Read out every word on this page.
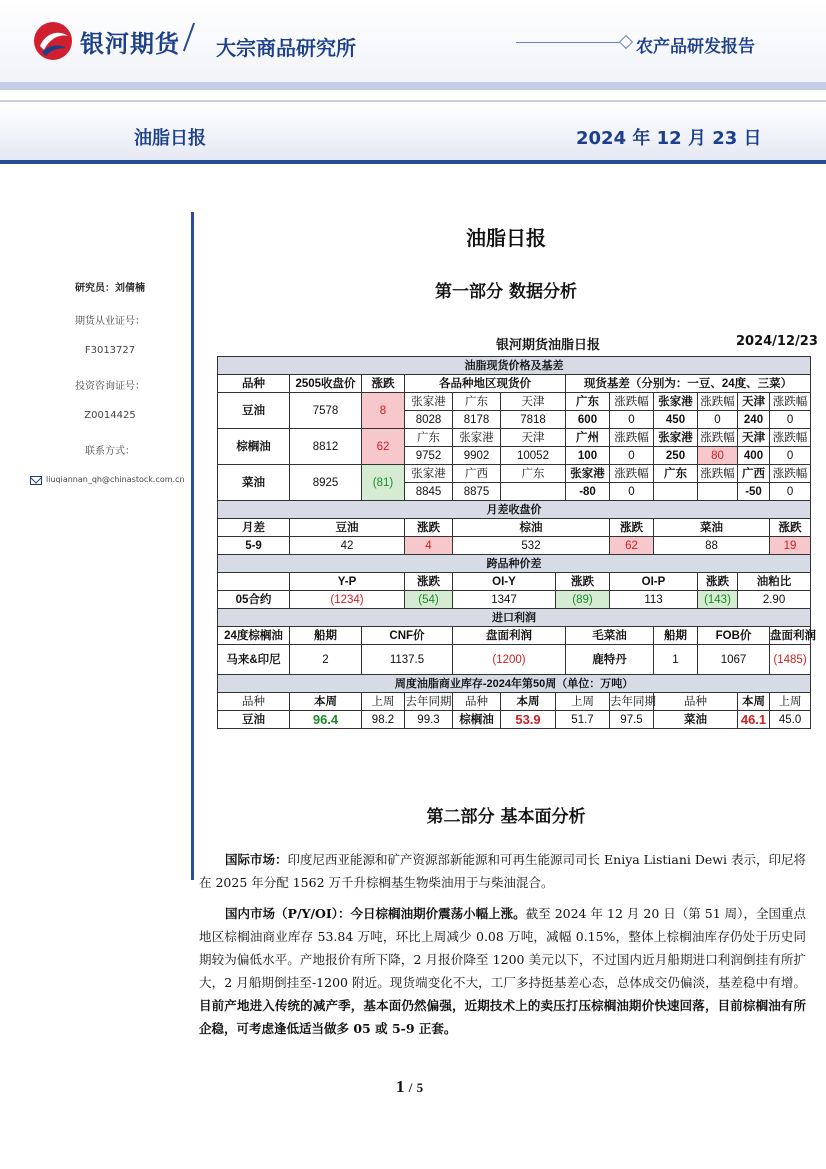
银河期货 大宗商品研究所	农产品研发报告
油脂日报	2024 年 12 月 23 日
研究员：刘倩楠
期货从业证号：
F3013727
投资咨询证号：
Z0014425
联系方式：
liuqiannan_qh@chinastock.com.cn
油脂日报
第一部分 数据分析
银河期货油脂日报	2024/12/23
油脂现货价格及基差													
品种	2505收盘价	涨跌	各品种地区现货价				现货基差（分别为：一豆、24度、三菜）						
豆油	7578	8	张家港	广东	天津		广东	涨跌幅	张家港	涨跌幅	天津	涨跌幅	
			8028	8178	7818		600	0	450	0	240	0	
棕榈油	8812	62	广东	张家港	天津		广州	涨跌幅	张家港	涨跌幅	天津	涨跌幅	
			9752	9902	10052		100	0	250	80	400	0	
菜油	8925	(81)	张家港	广西	广东		张家港	涨跌幅	广东	涨跌幅	广西	涨跌幅	
			8845	8875			-80	0			-50	0	
月差收盘价													
月差	豆油		涨跌	棕油				涨跌	菜油			涨跌	
5-9	42		4	532				62	88			19	
跨品种价差													
	Y-P		涨跌	OI-Y		涨跌		OI-P		涨跌	油粕比	
05合约	(1234)		(54)	1347		(89)		113		(143)	2.90	
进口利润													
24度棕榈油	船期	CNF价		盘面利润			毛菜油		船期	FOB价		盘面利润	
马来&印尼	2	1137.5		(1200)			鹿特丹		1	1067		(1485)	
周度油脂商业库存-2024年第50周（单位：万吨）													
品种	本周	上周	去年同期	品种	本周	上周		去年同期	品种		本周	上周	
豆油	96.4	98.2	99.3	棕榈油	53.9	51.7		97.5	菜油		46.1	45.0	
第二部分 基本面分析
国际市场：印度尼西亚能源和矿产资源部新能源和可再生能源司司长 Eniya Listiani Dewi 表示，印尼将在 2025 年分配 1562 万千升棕榈基生物柴油用于与柴油混合。
国内市场（P/Y/OI）：今日棕榈油期价震荡小幅上涨。截至 2024 年 12 月 20 日（第 51 周），全国重点地区棕榈油商业库存 53.84 万吨，环比上周减少 0.08 万吨，减幅 0.15%，整体上棕榈油库存仍处于历史同期较为偏低水平。产地报价有所下降，2 月报价降至 1200 美元以下，不过国内近月船期进口利润倒挂有所扩大，2 月船期倒挂至-1200 附近。现货端变化不大，工厂多持挺基差心态，总体成交仍偏淡，基差稳中有增。目前产地进入传统的减产季，基本面仍然偏强，近期技术上的卖压打压棕榈油期价快速回落，目前棕榈油有所企稳，可考虑逢低适当做多 05 或 5-9 正套。
1 / 5
